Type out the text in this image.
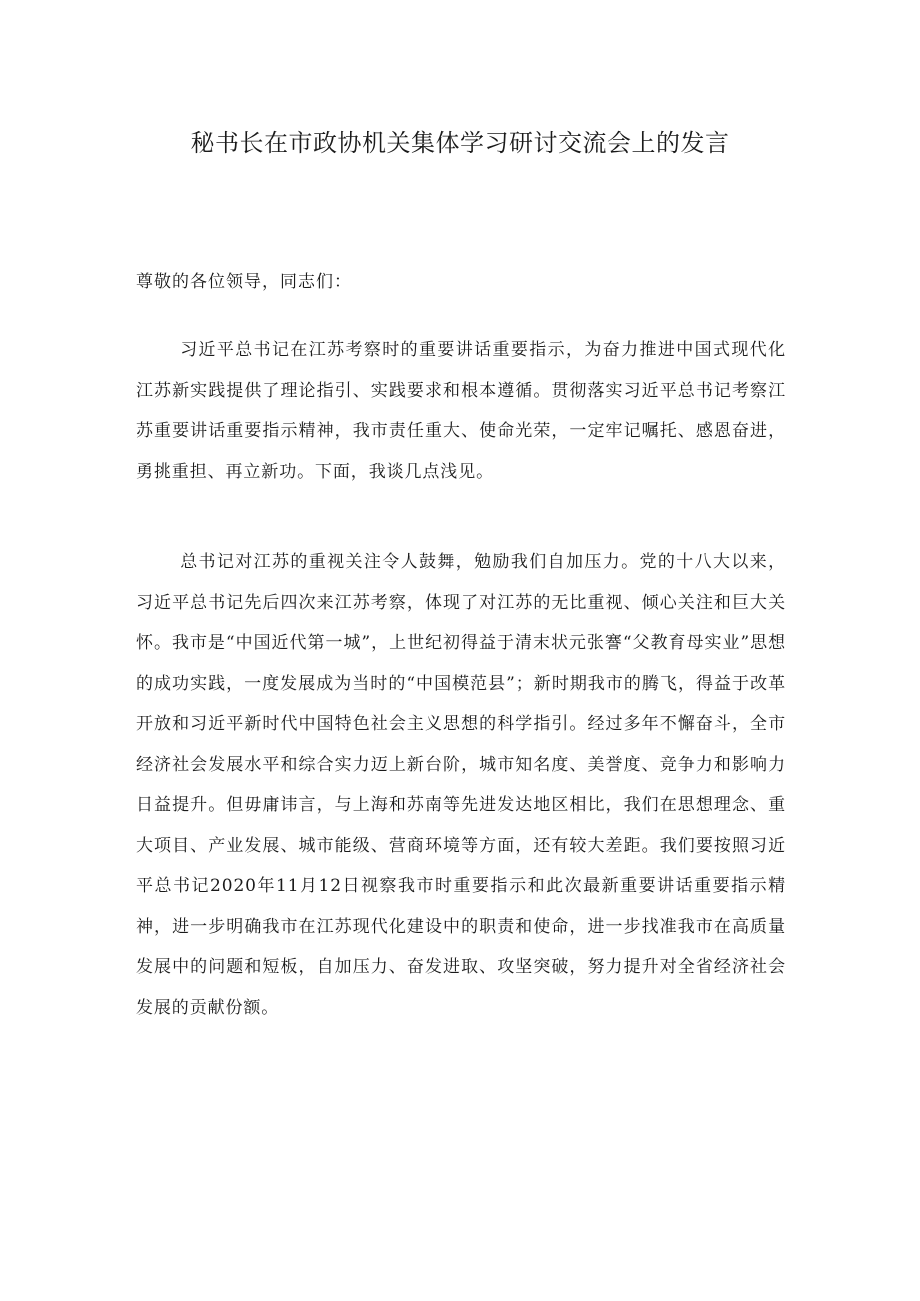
秘书长在市政协机关集体学习研讨交流会上的发言

尊敬的各位领导，同志们：

习近平总书记在江苏考察时的重要讲话重要指示，为奋力推进中国式现代化江苏新实践提供了理论指引、实践要求和根本遵循。贯彻落实习近平总书记考察江苏重要讲话重要指示精神，我市责任重大、使命光荣，一定牢记嘱托、感恩奋进，勇挑重担、再立新功。下面，我谈几点浅见。

总书记对江苏的重视关注令人鼓舞，勉励我们自加压力。党的十八大以来，习近平总书记先后四次来江苏考察，体现了对江苏的无比重视、倾心关注和巨大关怀。我市是“中国近代第一城”，上世纪初得益于清末状元张謇“父教育母实业”思想的成功实践，一度发展成为当时的“中国模范县”；新时期我市的腾飞，得益于改革开放和习近平新时代中国特色社会主义思想的科学指引。经过多年不懈奋斗，全市经济社会发展水平和综合实力迈上新台阶，城市知名度、美誉度、竞争力和影响力日益提升。但毋庸讳言，与上海和苏南等先进发达地区相比，我们在思想理念、重大项目、产业发展、城市能级、营商环境等方面，还有较大差距。我们要按照习近平总书记2020年11月12日视察我市时重要指示和此次最新重要讲话重要指示精神，进一步明确我市在江苏现代化建设中的职责和使命，进一步找准我市在高质量发展中的问题和短板，自加压力、奋发进取、攻坚突破，努力提升对全省经济社会发展的贡献份额。
